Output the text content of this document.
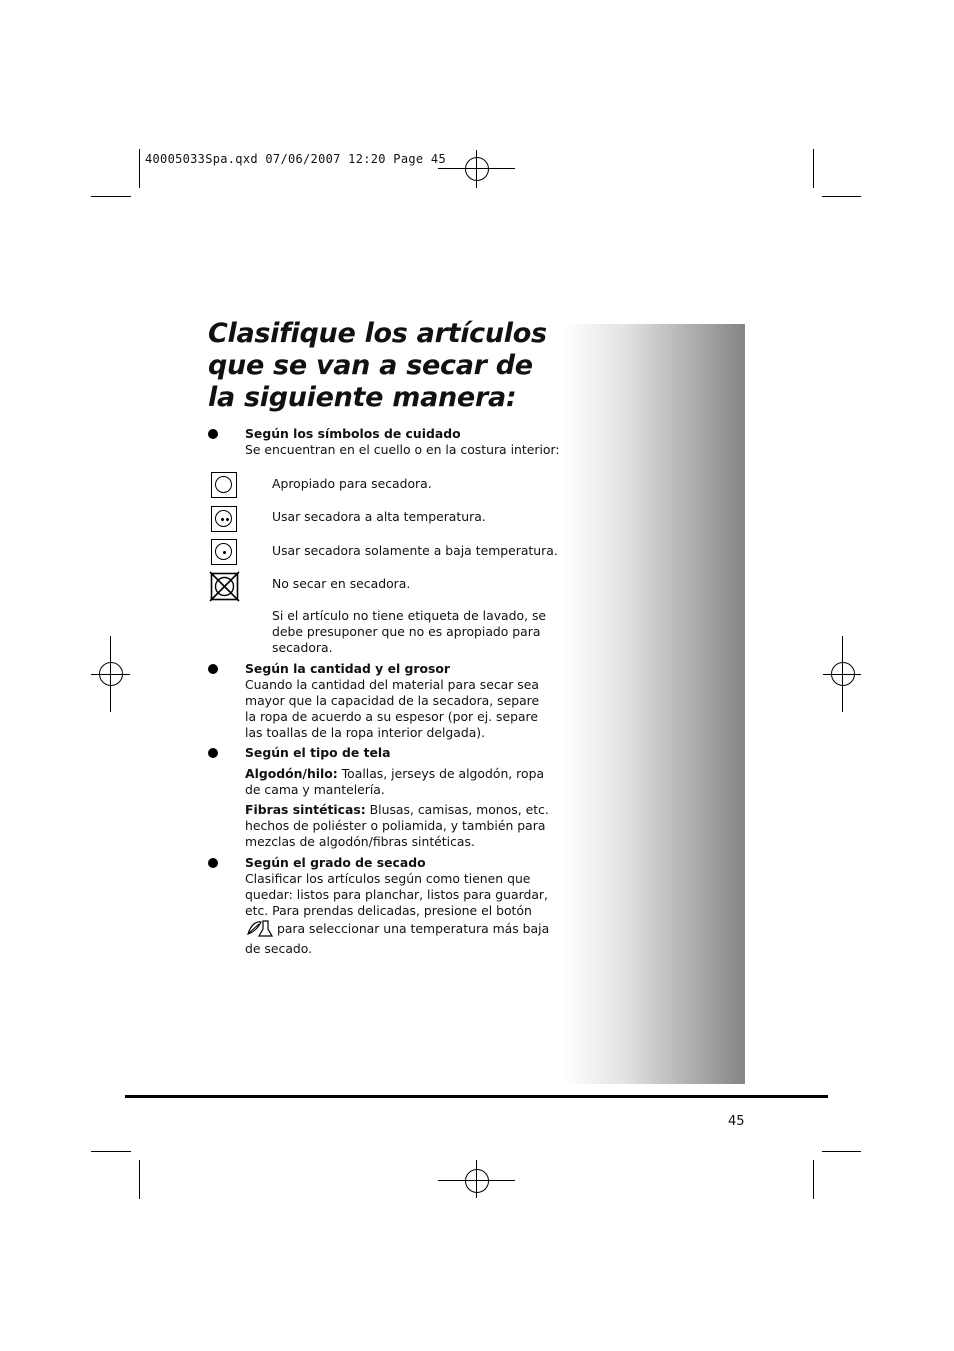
40005033Spa.qxd 07/06/2007 12:20 Page 45
Clasifique los artículos que se van a secar de la siguiente manera:
Según los símbolos de cuidado
Se encuentran en el cuello o en la costura interior:
Apropiado para secadora.
Usar secadora a alta temperatura.
Usar secadora solamente a baja temperatura.
No secar en secadora.
Si el artículo no tiene etiqueta de lavado, se debe presuponer que no es apropiado para secadora.
Según la cantidad y el grosor
Cuando la cantidad del material para secar sea mayor que la capacidad de la secadora, separe la ropa de acuerdo a su espesor (por ej. separe las toallas de la ropa interior delgada).
Según el tipo de tela
Algodón/hilo: Toallas, jerseys de algodón, ropa de cama y mantelería.
Fibras sintéticas: Blusas, camisas, monos, etc. hechos de poliéster o poliamida, y también para mezclas de algodón/fibras sintéticas.
Según el grado de secado
Clasificar los artículos según como tienen que quedar: listos para planchar, listos para guardar, etc. Para prendas delicadas, presione el botón  para seleccionar una temperatura más baja de secado.
45
